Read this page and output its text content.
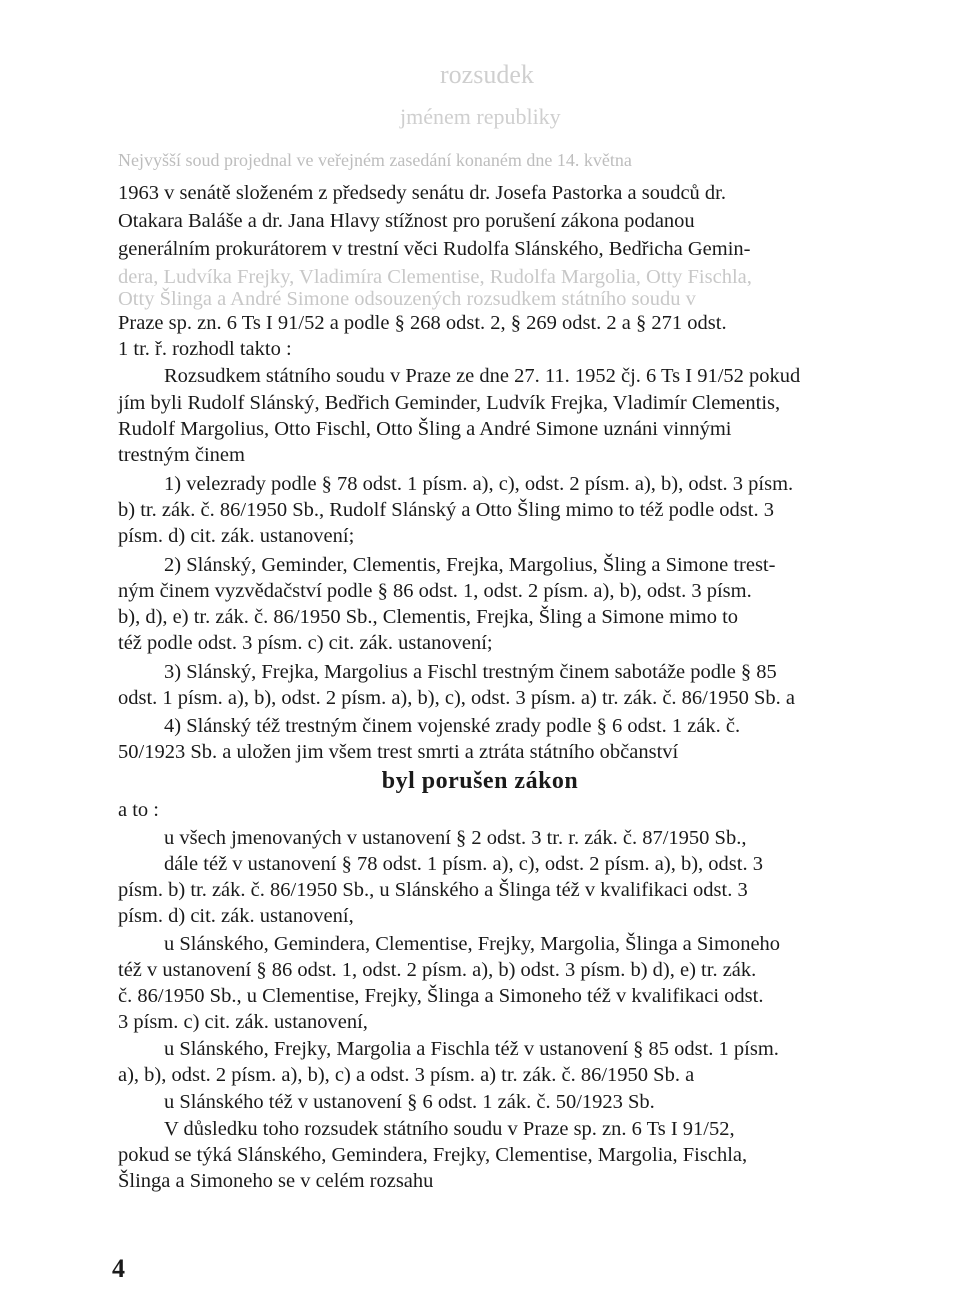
rozsudek
jménem republiky
Nejvyšší soud projednal ve veřejném zasedání konaném dne 14. května
1963 v senátě složeném z předsedy senátu dr. Josefa Pastorka a soudců dr.
Otakara Baláše a dr. Jana Hlavy stížnost pro porušení zákona podanou
generálním prokurátorem v trestní věci Rudolfa Slánského, Bedřicha Gemin-
dera, Ludvíka Frejky, Vladimíra Clementise, Rudolfa Margolia, Otty Fischla,
Otty Šlinga a André Simone odsouzených rozsudkem státního soudu v
Praze sp. zn. 6 Ts I 91/52 a podle § 268 odst. 2, § 269 odst. 2 a § 271 odst.
1 tr. ř. rozhodl takto :
Rozsudkem státního soudu v Praze ze dne 27. 11. 1952 čj. 6 Ts I 91/52 pokud
jím byli Rudolf Slánský, Bedřich Geminder, Ludvík Frejka, Vladimír Clementis,
Rudolf Margolius, Otto Fischl, Otto Šling a André Simone uznáni vinnými
trestným činem
1) velezrady podle § 78 odst. 1 písm. a), c), odst. 2 písm. a), b), odst. 3 písm.
b) tr. zák. č. 86/1950 Sb., Rudolf Slánský a Otto Šling mimo to též podle odst. 3
písm. d) cit. zák. ustanovení;
2) Slánský, Geminder, Clementis, Frejka, Margolius, Šling a Simone trest-
ným činem vyzvědačství podle § 86 odst. 1, odst. 2 písm. a), b), odst. 3 písm.
b), d), e) tr. zák. č. 86/1950 Sb., Clementis, Frejka, Šling a Simone mimo to
též podle odst. 3 písm. c) cit. zák. ustanovení;
3) Slánský, Frejka, Margolius a Fischl trestným činem sabotáže podle § 85
odst. 1 písm. a), b), odst. 2 písm. a), b), c), odst. 3 písm. a) tr. zák. č. 86/1950 Sb. a
4) Slánský též trestným činem vojenské zrady podle § 6 odst. 1 zák. č.
50/1923 Sb. a uložen jim všem trest smrti a ztráta státního občanství
byl porušen zákon
a to :
u všech jmenovaných v ustanovení § 2 odst. 3 tr. r. zák. č. 87/1950 Sb.,
dále též v ustanovení § 78 odst. 1 písm. a), c), odst. 2 písm. a), b), odst. 3
písm. b) tr. zák. č. 86/1950 Sb., u Slánského a Šlinga též v kvalifikaci odst. 3
písm. d) cit. zák. ustanovení,
u Slánského, Gemindera, Clementise, Frejky, Margolia, Šlinga a Simoneho
též v ustanovení § 86 odst. 1, odst. 2 písm. a), b) odst. 3 písm. b) d), e) tr. zák.
č. 86/1950 Sb., u Clementise, Frejky, Šlinga a Simoneho též v kvalifikaci odst.
3 písm. c) cit. zák. ustanovení,
u Slánského, Frejky, Margolia a Fischla též v ustanovení § 85 odst. 1 písm.
a), b), odst. 2 písm. a), b), c) a odst. 3 písm. a) tr. zák. č. 86/1950 Sb. a
u Slánského též v ustanovení § 6 odst. 1 zák. č. 50/1923 Sb.
V důsledku toho rozsudek státního soudu v Praze sp. zn. 6 Ts I 91/52,
pokud se týká Slánského, Gemindera, Frejky, Clementise, Margolia, Fischla,
Šlinga a Simoneho se v celém rozsahu
4
